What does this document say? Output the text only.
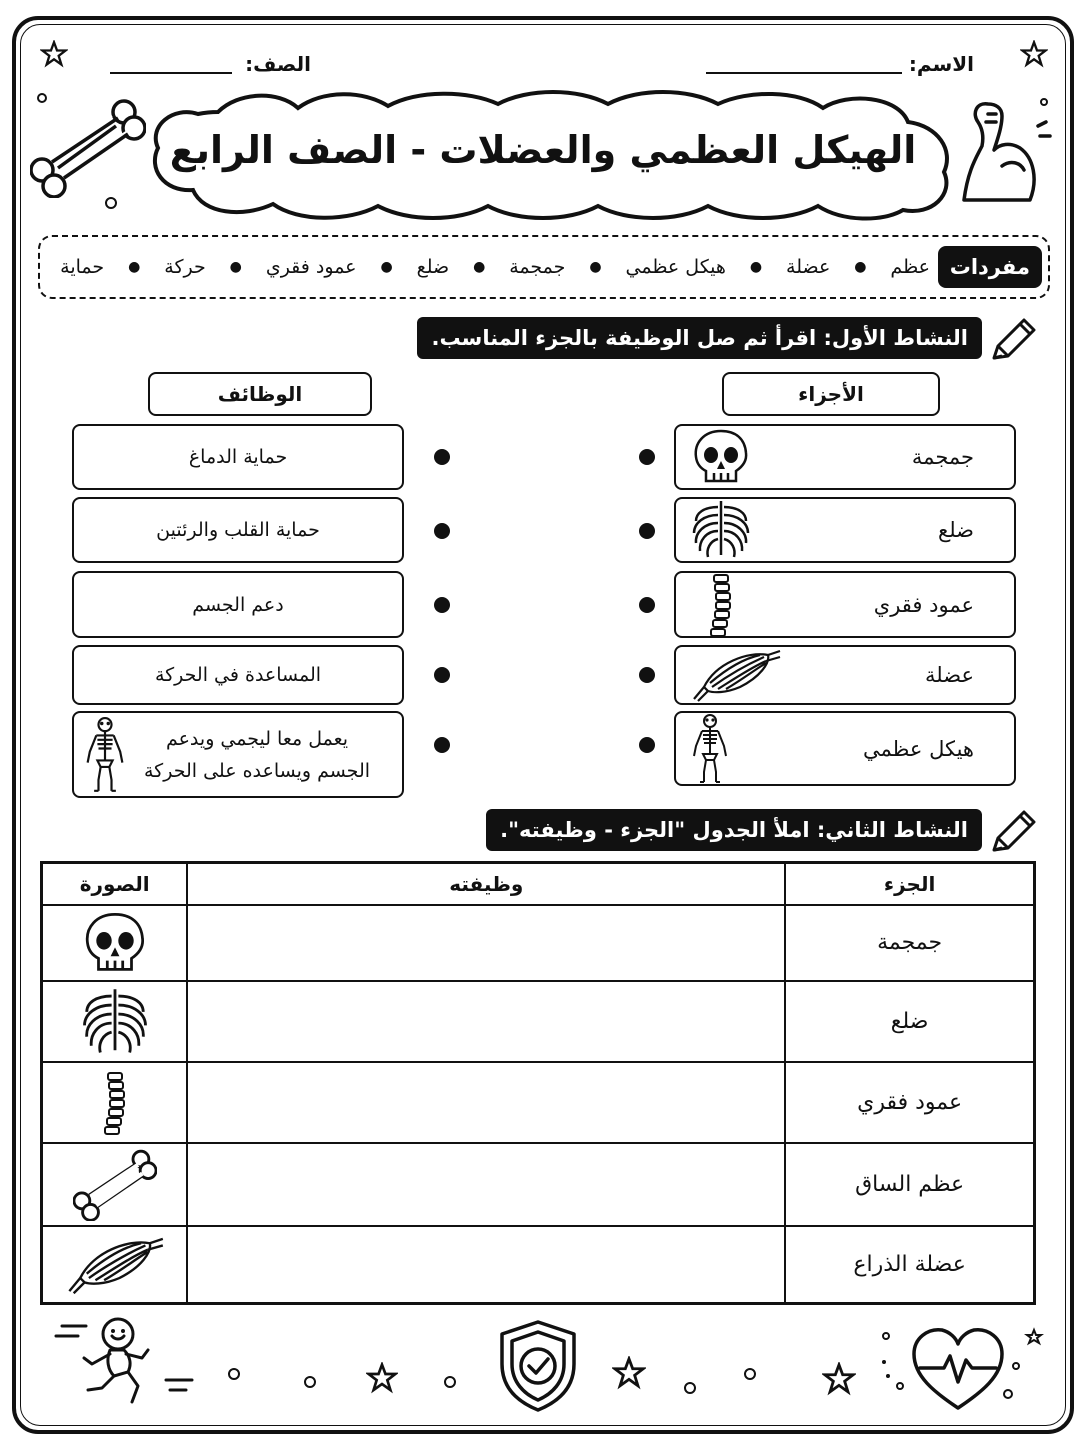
الاسم:
الصف:
الهيكل العظمي والعضلات - الصف الرابع
مفردات
عظم
●
عضلة
●
هيكل عظمي
●
جمجمة
●
ضلع
●
عمود فقري
●
حركة
●
حماية
النشاط الأول: اقرأ ثم صل الوظيفة بالجزء المناسب.
الأجزاء
الوظائف
جمجمة
ضلع
عمود فقري
عضلة
هيكل عظمي
حماية الدماغ
حماية القلب والرئتين
دعم الجسم
المساعدة في الحركة
يعمل معا ليجمي ويدعم
الجسم ويساعده على الحركة
النشاط الثاني: املأ الجدول "الجزء - وظيفته".
الجزء	وظيفته	الصورة
جمجمة		

ضلع		

عمود فقري		

عظم الساق		

عضلة الذراع		
